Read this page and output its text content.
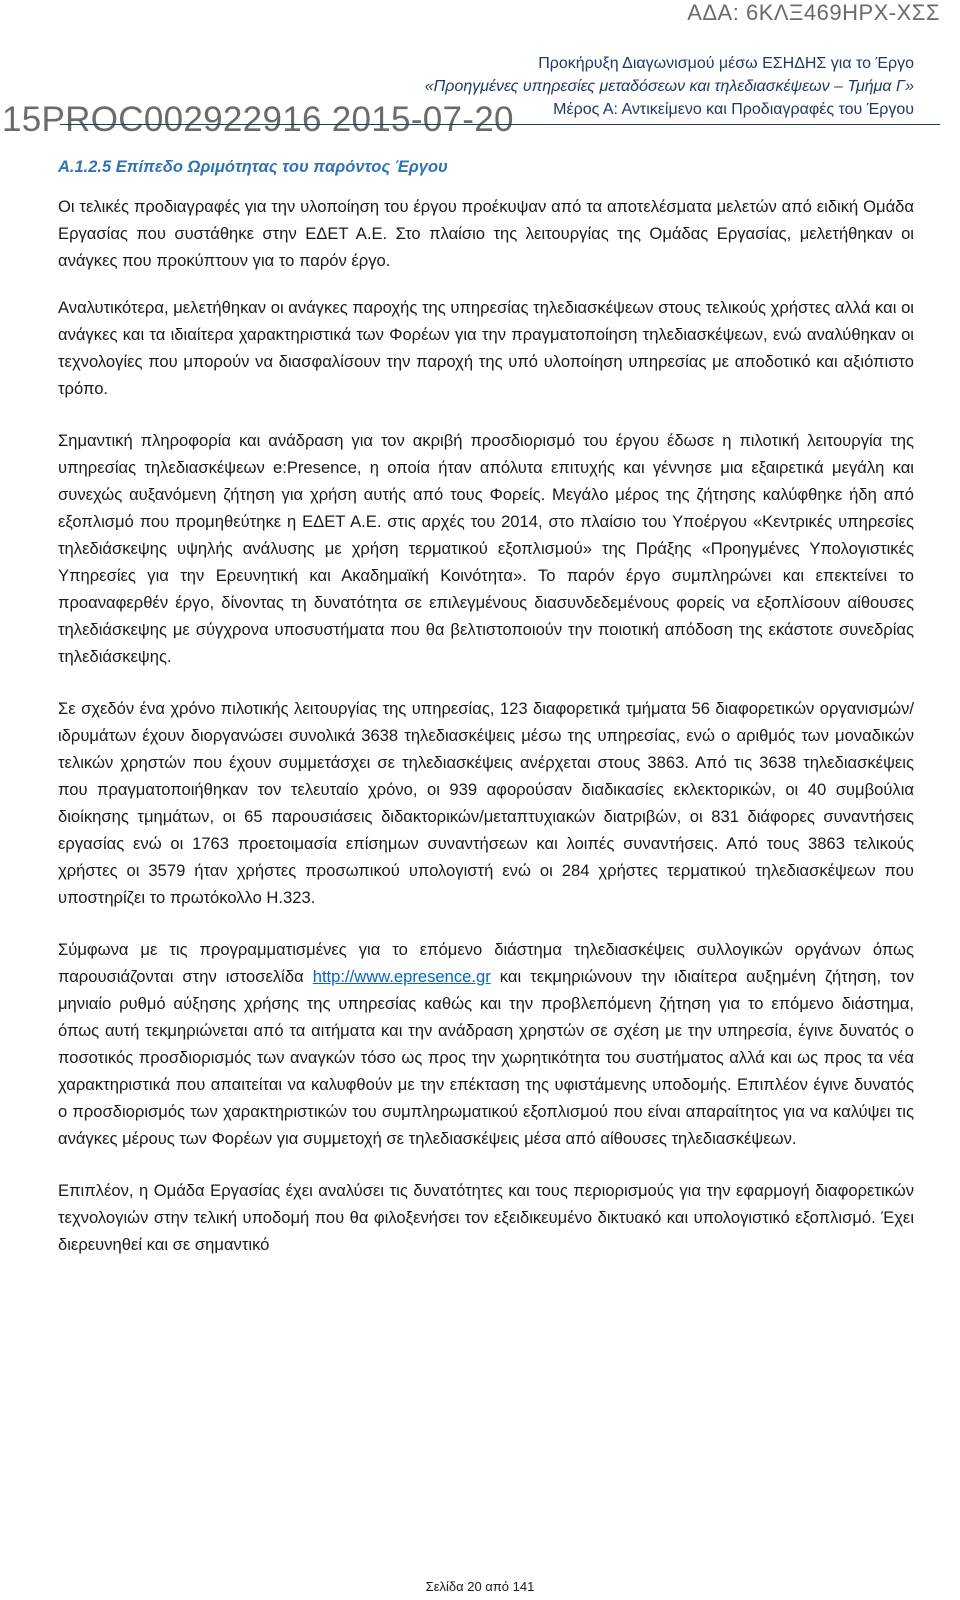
ΑΔΑ: 6ΚΛΞ469ΗΡΧ-ΧΣΣ
Προκήρυξη Διαγωνισμού μέσω ΕΣΗΔΗΣ για το Έργο
«Προηγμένες υπηρεσίες μεταδόσεων και τηλεδιασκέψεων – Τμήμα Γ»
Μέρος Α: Αντικείμενο και Προδιαγραφές του Έργου
15PROC002922916 2015-07-20
A.1.2.5 Επίπεδο Ωριμότητας του παρόντος Έργου

Οι τελικές προδιαγραφές για την υλοποίηση του έργου προέκυψαν από τα αποτελέσματα μελετών από ειδική Ομάδα Εργασίας που συστάθηκε στην ΕΔΕΤ Α.Ε. Στο πλαίσιο της λειτουργίας της Ομάδας Εργασίας, μελετήθηκαν οι ανάγκες που προκύπτουν για το παρόν έργο.

Αναλυτικότερα, μελετήθηκαν οι ανάγκες παροχής της υπηρεσίας τηλεδιασκέψεων στους τελικούς χρήστες αλλά και οι ανάγκες και τα ιδιαίτερα χαρακτηριστικά των Φορέων για την πραγματοποίηση τηλεδιασκέψεων, ενώ αναλύθηκαν οι τεχνολογίες που μπορούν να διασφαλίσουν την παροχή της υπό υλοποίηση υπηρεσίας με αποδοτικό και αξιόπιστο τρόπο.

Σημαντική πληροφορία και ανάδραση για τον ακριβή προσδιορισμό του έργου έδωσε η πιλοτική λειτουργία της υπηρεσίας τηλεδιασκέψεων e:Presence, η οποία ήταν απόλυτα επιτυχής και γέννησε μια εξαιρετικά μεγάλη και συνεχώς αυξανόμενη ζήτηση για χρήση αυτής από τους Φορείς. Μεγάλο μέρος της ζήτησης καλύφθηκε ήδη από εξοπλισμό που προμηθεύτηκε η ΕΔΕΤ Α.Ε. στις αρχές του 2014, στο πλαίσιο του Υποέργου «Κεντρικές υπηρεσίες τηλεδιάσκεψης υψηλής ανάλυσης με χρήση τερματικού εξοπλισμού» της Πράξης «Προηγμένες Υπολογιστικές Υπηρεσίες για την Ερευνητική και Ακαδημαϊκή Κοινότητα». Το παρόν έργο συμπληρώνει και επεκτείνει το προαναφερθέν έργο, δίνοντας τη δυνατότητα σε επιλεγμένους διασυνδεδεμένους φορείς να εξοπλίσουν αίθουσες τηλεδιάσκεψης με σύγχρονα υποσυστήματα που θα βελτιστοποιούν την ποιοτική απόδοση της εκάστοτε συνεδρίας τηλεδιάσκεψης.

Σε σχεδόν ένα χρόνο πιλοτικής λειτουργίας της υπηρεσίας, 123 διαφορετικά τμήματα 56 διαφορετικών οργανισμών/ιδρυμάτων έχουν διοργανώσει συνολικά 3638 τηλεδιασκέψεις μέσω της υπηρεσίας, ενώ ο αριθμός των μοναδικών τελικών χρηστών που έχουν συμμετάσχει σε τηλεδιασκέψεις ανέρχεται στους 3863. Από τις 3638 τηλεδιασκέψεις που πραγματοποιήθηκαν τον τελευταίο χρόνο, οι 939 αφορούσαν διαδικασίες εκλεκτορικών, οι 40 συμβούλια διοίκησης τμημάτων, οι 65 παρουσιάσεις διδακτορικών/μεταπτυχιακών διατριβών, οι 831 διάφορες συναντήσεις εργασίας ενώ οι 1763 προετοιμασία επίσημων συναντήσεων και λοιπές συναντήσεις. Από τους 3863 τελικούς χρήστες οι 3579 ήταν χρήστες προσωπικού υπολογιστή ενώ οι 284 χρήστες τερματικού τηλεδιασκέψεων που υποστηρίζει το πρωτόκολλο H.323.

Σύμφωνα με τις προγραμματισμένες για το επόμενο διάστημα τηλεδιασκέψεις συλλογικών οργάνων όπως παρουσιάζονται στην ιστοσελίδα http://www.epresence.gr και τεκμηριώνουν την ιδιαίτερα αυξημένη ζήτηση, τον μηνιαίο ρυθμό αύξησης χρήσης της υπηρεσίας καθώς και την προβλεπόμενη ζήτηση για το επόμενο διάστημα, όπως αυτή τεκμηριώνεται από τα αιτήματα και την ανάδραση χρηστών σε σχέση με την υπηρεσία, έγινε δυνατός ο ποσοτικός προσδιορισμός των αναγκών τόσο ως προς την χωρητικότητα του συστήματος αλλά και ως προς τα νέα χαρακτηριστικά που απαιτείται να καλυφθούν με την επέκταση της υφιστάμενης υποδομής. Επιπλέον έγινε δυνατός ο προσδιορισμός των χαρακτηριστικών του συμπληρωματικού εξοπλισμού που είναι απαραίτητος για να καλύψει τις ανάγκες μέρους των Φορέων για συμμετοχή σε τηλεδιασκέψεις μέσα από αίθουσες τηλεδιασκέψεων.

Επιπλέον, η Ομάδα Εργασίας έχει αναλύσει τις δυνατότητες και τους περιορισμούς για την εφαρμογή διαφορετικών τεχνολογιών στην τελική υποδομή που θα φιλοξενήσει τον εξειδικευμένο δικτυακό και υπολογιστικό εξοπλισμό. Έχει διερευνηθεί και σε σημαντικό

Σελίδα 20 από 141
